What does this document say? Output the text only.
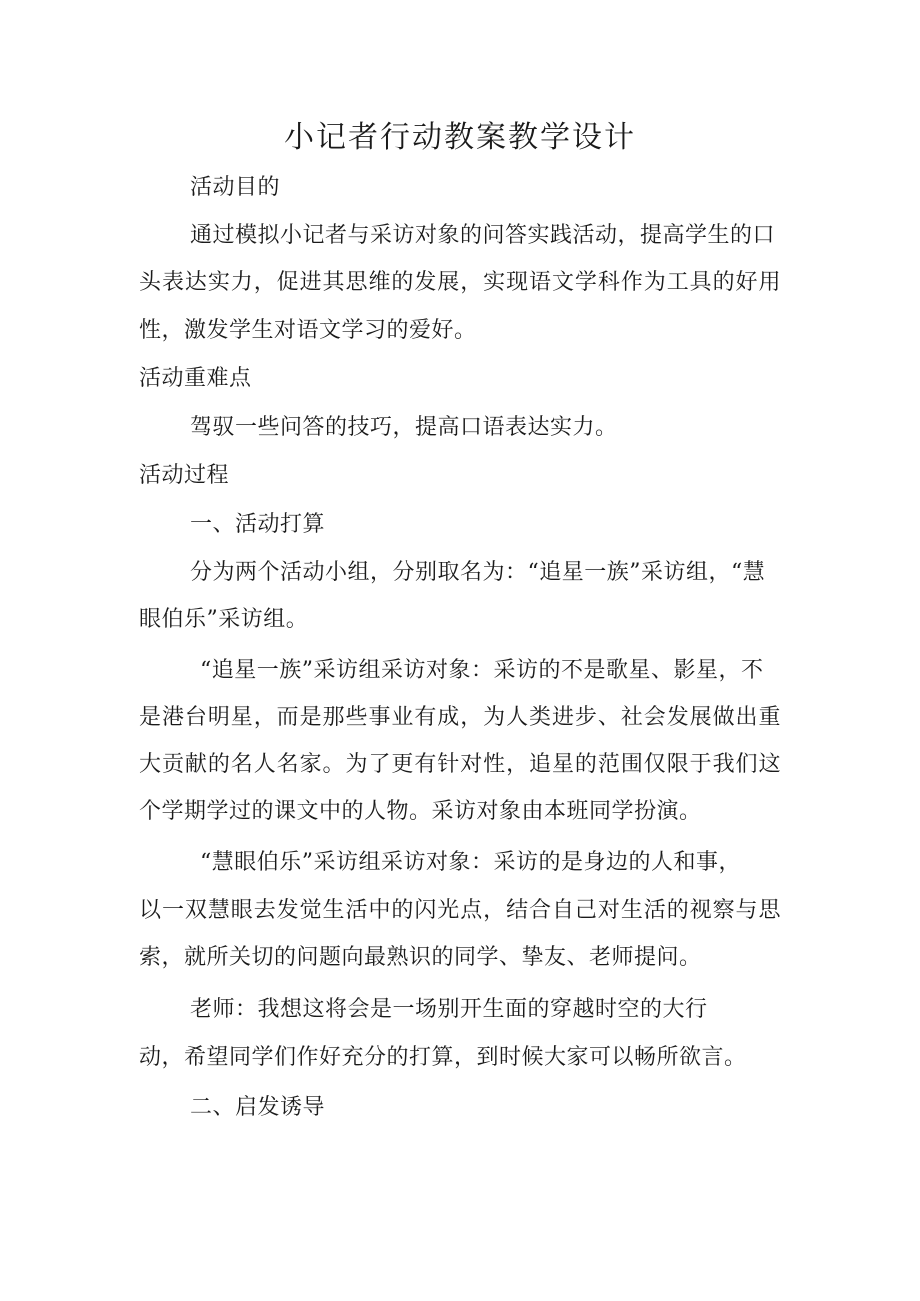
小记者行动教案教学设计
活动目的
通过模拟小记者与采访对象的问答实践活动，提高学生的口
头表达实力，促进其思维的发展，实现语文学科作为工具的好用
性，激发学生对语文学习的爱好。
活动重难点
驾驭一些问答的技巧，提高口语表达实力。
活动过程
一、活动打算
分为两个活动小组，分别取名为：“追星一族”采访组，“慧
眼伯乐”采访组。
“追星一族”采访组采访对象：采访的不是歌星、影星，不
是港台明星，而是那些事业有成，为人类进步、社会发展做出重
大贡献的名人名家。为了更有针对性，追星的范围仅限于我们这
个学期学过的课文中的人物。采访对象由本班同学扮演。
“慧眼伯乐”采访组采访对象：采访的是身边的人和事，
以一双慧眼去发觉生活中的闪光点，结合自己对生活的视察与思
索，就所关切的问题向最熟识的同学、挚友、老师提问。
老师：我想这将会是一场别开生面的穿越时空的大行
动，希望同学们作好充分的打算，到时候大家可以畅所欲言。
二、启发诱导
